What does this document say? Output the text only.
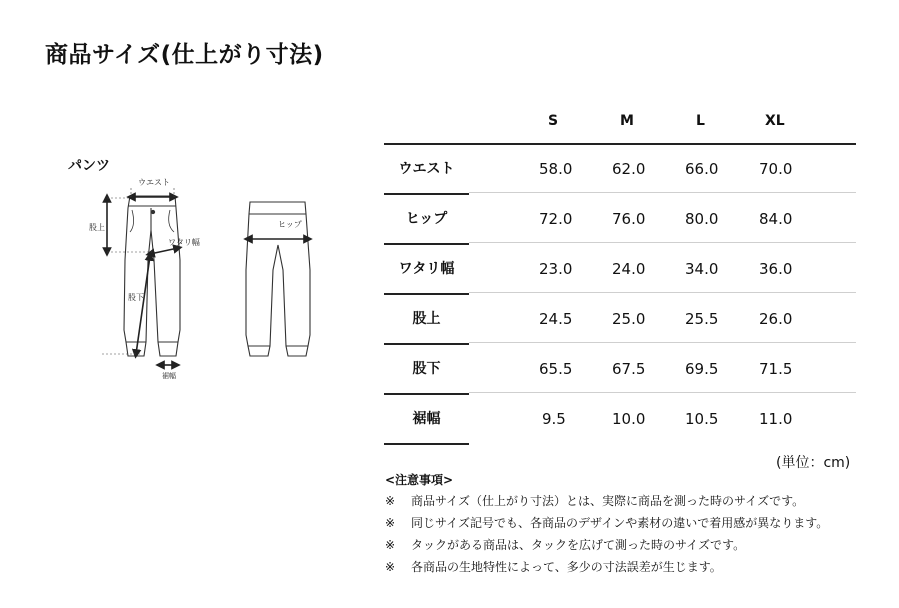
商品サイズ(仕上がり寸法)
パンツ
ウエスト
股上
ワタリ幅
股下
裾幅
ヒップ
S	M	L	XL
ウエスト	58.0	62.0	66.0	70.0
ヒップ	72.0	76.0	80.0	84.0
ワタリ幅	23.0	24.0	34.0	36.0
股上	24.5	25.0	25.5	26.0
股下	65.5	67.5	69.5	71.5
裾幅	9.5	10.0	10.5	11.0
(単位：cm)
<注意事項>
※ 商品サイズ（仕上がり寸法）とは、実際に商品を測った時のサイズです。
※ 同じサイズ記号でも、各商品のデザインや素材の違いで着用感が異なります。
※ タックがある商品は、タックを広げて測った時のサイズです。
※ 各商品の生地特性によって、多少の寸法誤差が生じます。
